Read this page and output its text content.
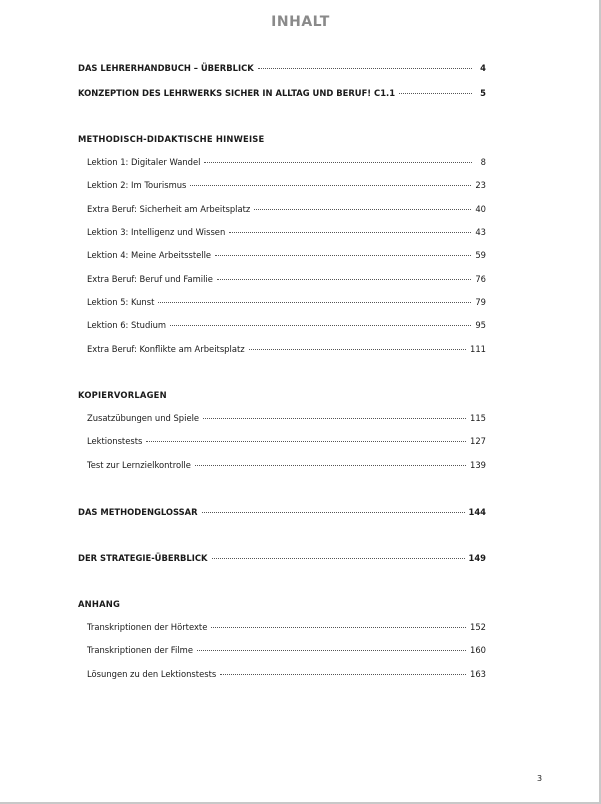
INHALT
DAS LEHRERHANDBUCH – ÜBERBLICK	4
KONZEPTION DES LEHRWERKS SICHER IN ALLTAG UND BERUF! C1.1	5
METHODISCH-DIDAKTISCHE HINWEISE
Lektion 1: Digitaler Wandel	8
Lektion 2: Im Tourismus	23
Extra Beruf: Sicherheit am Arbeitsplatz	40
Lektion 3: Intelligenz und Wissen	43
Lektion 4: Meine Arbeitsstelle	59
Extra Beruf: Beruf und Familie	76
Lektion 5: Kunst	79
Lektion 6: Studium	95
Extra Beruf: Konflikte am Arbeitsplatz	111
KOPIERVORLAGEN
Zusatzübungen und Spiele	115
Lektionstests	127
Test zur Lernzielkontrolle	139
DAS METHODENGLOSSAR	144
DER STRATEGIE-ÜBERBLICK	149
ANHANG
Transkriptionen der Hörtexte	152
Transkriptionen der Filme	160
Lösungen zu den Lektionstests	163
3
